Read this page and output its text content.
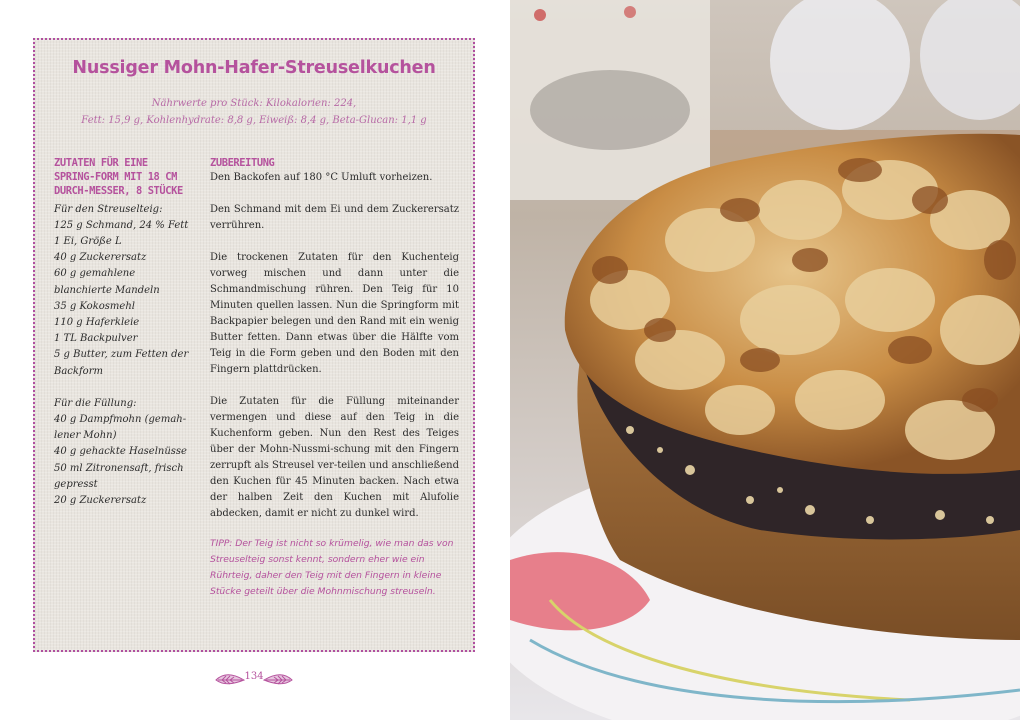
Nussiger Mohn-Hafer-Streuselkuchen
Nährwerte pro Stück: Kilokalorien: 224,
Fett: 15,9 g, Kohlenhydrate: 8,8 g, Eiweiß: 8,4 g, Beta-Glucan: 1,1 g
ZUTATEN FÜR EINE SPRING-FORM MIT 18 CM DURCH-MESSER, 8 STÜCKE
Für den Streuselteig:
125 g Schmand, 24 % Fett
1 Ei, Größe L
40 g Zuckerersatz
60 g gemahlene blanchierte Mandeln
35 g Kokosmehl
110 g Haferkleie
1 TL Backpulver
5 g Butter, zum Fetten der Backform
Für die Füllung:
40 g Dampfmohn (gemah-lener Mohn)
40 g gehackte Haselnüsse
50 ml Zitronensaft, frisch gepresst
20 g Zuckerersatz
ZUBEREITUNG

Den Backofen auf 180 °C Umluft vorheizen.

Den Schmand mit dem Ei und dem Zuckerersatz verrühren.

Die trockenen Zutaten für den Kuchenteig vorweg mischen und dann unter die Schmandmischung rühren. Den Teig für 10 Minuten quellen lassen. Nun die Springform mit Backpapier belegen und den Rand mit ein wenig Butter fetten. Dann etwas über die Hälfte vom Teig in die Form geben und den Boden mit den Fingern plattdrücken.

Die Zutaten für die Füllung miteinander vermengen und diese auf den Teig in die Kuchenform geben. Nun den Rest des Teiges über der Mohn-Nussmi-schung mit den Fingern zerrupft als Streusel ver-teilen und anschließend den Kuchen für 45 Minuten backen. Nach etwa der halben Zeit den Kuchen mit Alufolie abdecken, damit er nicht zu dunkel wird.

TIPP: Der Teig ist nicht so krümelig, wie man das von Streuselteig sonst kennt, sondern eher wie ein Rührteig, daher den Teig mit den Fingern in kleine Stücke geteilt über die Mohnmischung streuseln.
134
